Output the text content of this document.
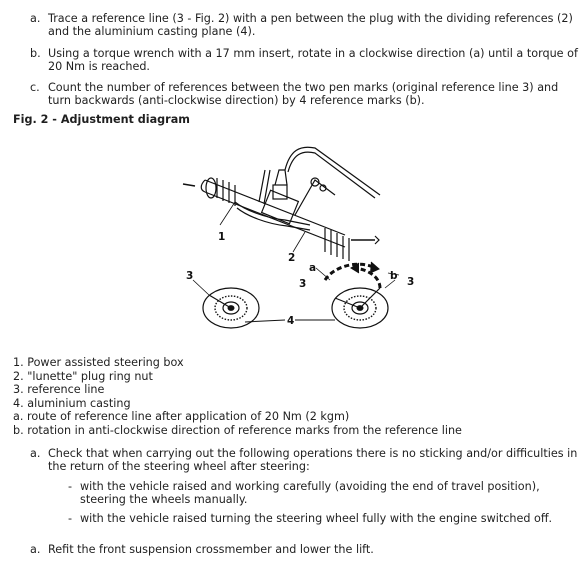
a. Trace a reference line (3 - Fig. 2) with a pen between the plug with the dividing references (2) and the aluminium casting plane (4).
b. Using a torque wrench with a 17 mm insert, rotate in a clockwise direction (a) until a torque of 20 Nm is reached.
c. Count the number of references between the two pen marks (original reference line 3) and turn backwards (anti-clockwise direction) by 4 reference marks (b).
Fig. 2 - Adjustment diagram
1
2
3
3	3
4
a
b
1. Power assisted steering box
2. "lunette" plug ring nut
3. reference line
4. aluminium casting
a. route of reference line after application of 20 Nm (2 kgm)
b. rotation in anti-clockwise direction of reference marks from the reference line
a. Check that when carrying out the following operations there is no sticking and/or difficulties in the return of the steering wheel after steering:
- with the vehicle raised and working carefully (avoiding the end of travel position), steering the wheels manually.
- with the vehicle raised turning the steering wheel fully with the engine switched off.
a. Refit the front suspension crossmember and lower the lift.
